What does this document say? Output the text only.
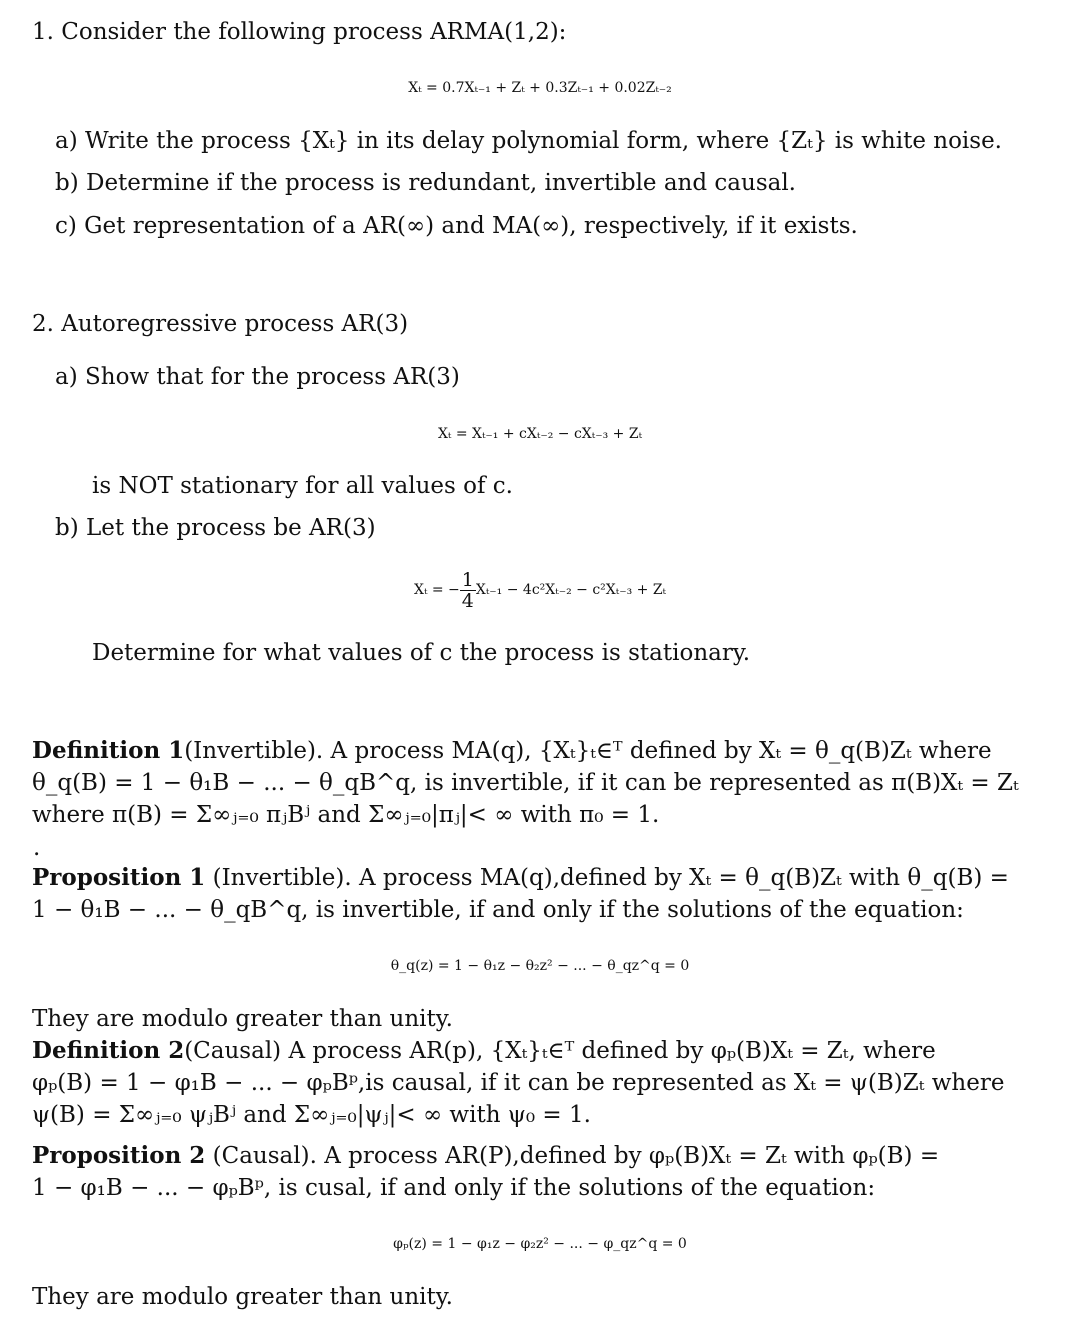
1. Consider the following process ARMA(1,2):
Xₜ = 0.7Xₜ₋₁ + Zₜ + 0.3Zₜ₋₁ + 0.02Zₜ₋₂
a) Write the process {Xₜ} in its delay polynomial form, where {Zₜ} is white noise.
b) Determine if the process is redundant, invertible and causal.
c) Get representation of a AR(∞) and MA(∞), respectively, if it exists.
2. Autoregressive process AR(3)
a) Show that for the process AR(3)
Xₜ = Xₜ₋₁ + cXₜ₋₂ − cXₜ₋₃ + Zₜ
is NOT stationary for all values of c.
b) Let the process be AR(3)
Xₜ = − $\frac{1}{4} X_{t-1} - 4c^2X_{t-2} - c^2X_{t-3} + Z_t$
Determine for what values of c the process is stationary.
Definition 1(Invertible). A process MA(q), {Xₜ}ₜ∈ᵀ defined by Xₜ = θ_q(B)Zₜ where
θ_q(B) = 1 − θ₁B − ... − θ_qB^q, is invertible, if it can be represented as π(B)Xₜ = Zₜ
where π(B) = Σ∞ⱼ₌₀ πⱼBʲ and Σ∞ⱼ₌₀|πⱼ|< ∞ with π₀ = 1.
.
Proposition 1 (Invertible). A process MA(q),defined by Xₜ = θ_q(B)Zₜ with θ_q(B) =
1 − θ₁B − ... − θ_qB^q, is invertible, if and only if the solutions of the equation:
θ_q(z) = 1 − θ₁z − θ₂z² − ... − θ_qz^q = 0
They are modulo greater than unity.
Definition 2(Causal) A process AR(p), {Xₜ}ₜ∈ᵀ defined by φₚ(B)Xₜ = Zₜ, where
φₚ(B) = 1 − φ₁B − ... − φₚBᵖ,is causal, if it can be represented as Xₜ = ψ(B)Zₜ where
ψ(B) = Σ∞ⱼ₌₀ ψⱼBʲ and Σ∞ⱼ₌₀|ψⱼ|< ∞ with ψ₀ = 1.
Proposition 2 (Causal). A process AR(P),defined by φₚ(B)Xₜ = Zₜ with φₚ(B) =
1 − φ₁B − ... − φₚBᵖ, is cusal, if and only if the solutions of the equation:
φₚ(z) = 1 − φ₁z − φ₂z² − ... − φ_qz^q = 0
They are modulo greater than unity.
